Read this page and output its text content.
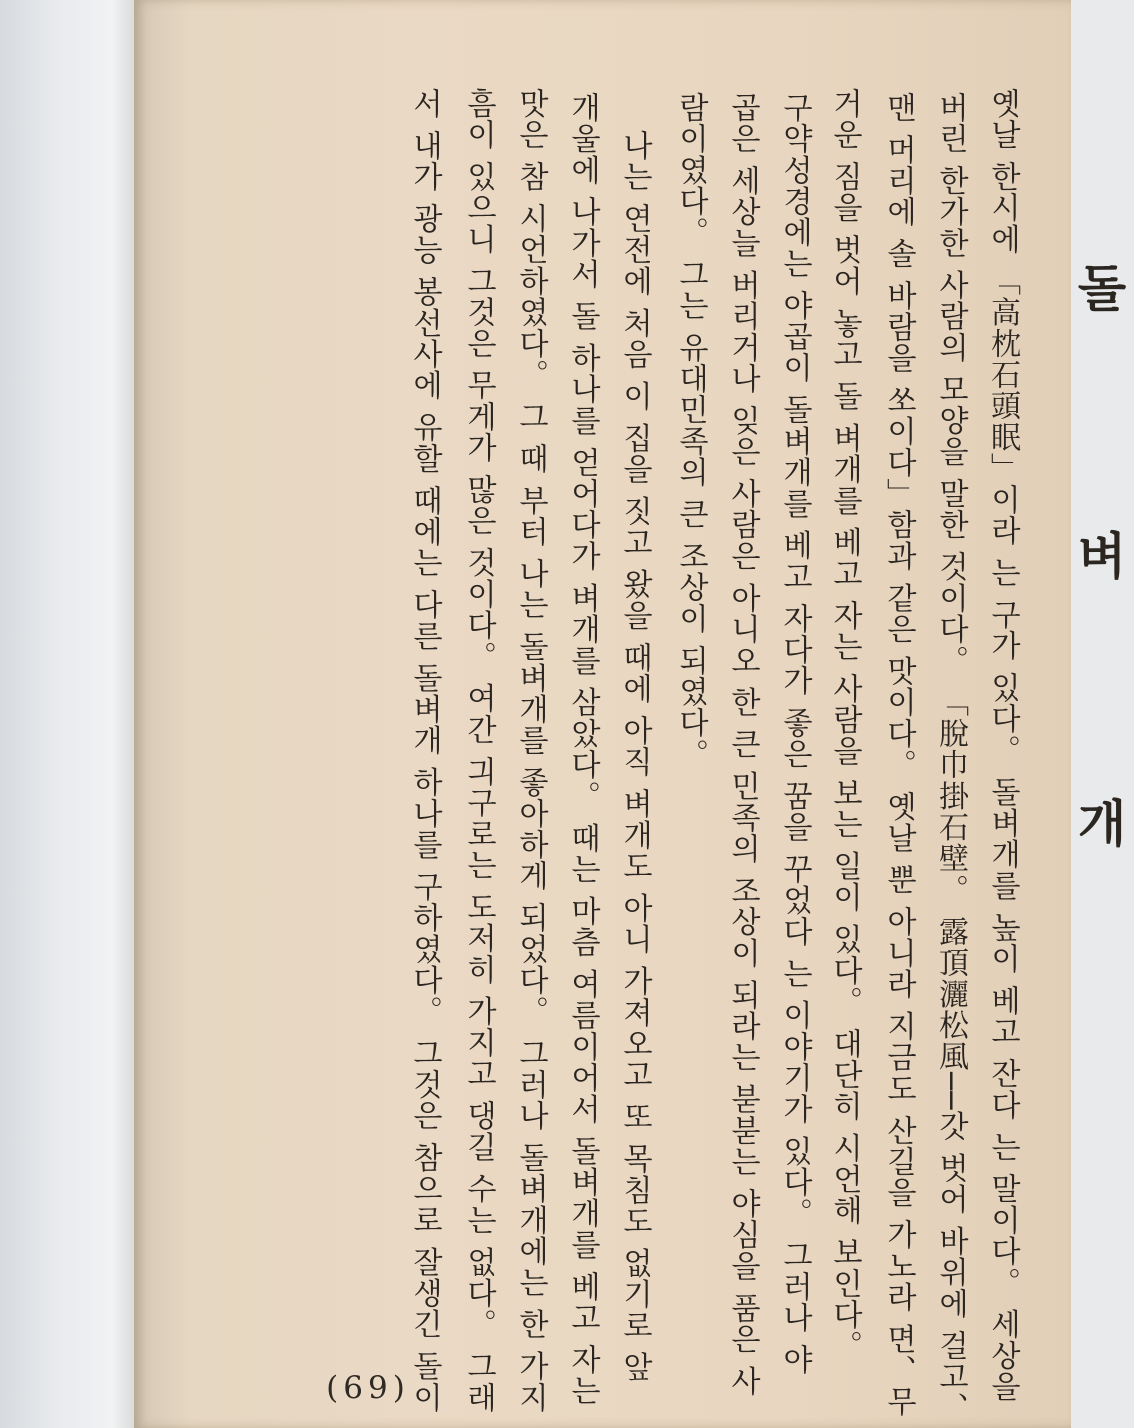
돌 벼 개
옛날 한시에 「高枕石頭眠」이라 는 구가 있다。 돌벼개를 높이 베고 잔다 는 말이다。 세상을
버린 한가한 사람의 모양을 말한 것이다。 「脫巾掛石壁。 露頂灑松風──갓 벗어 바위에 걸고、
맨 머리에 솔 바람을 쏘이다」함과 같은 맛이다。 옛날 뿐 아니라 지금도 산길을 가노라 면、무
거운 짐을 벗어 놓고 돌 벼개를 베고 자는 사람을 보는 일이 있다。 대단히 시언해 보인다。
구약성경에는 야곱이 돌벼개를 베고 자다가 좋은 꿈을 꾸었다 는 이야기가 있다。 그러나 야
곱은 세상늘 버리거나 잊은 사람은 아니오 한 큰 민족의 조상이 되라는 붇붇는 야심을 품은 사
람이였다。 그는 유대민족의 큰 조상이 되였다。
나는 연전에 처음 이 집을 짓고 왔을 때에 아직 벼개도 아니 가져오고 또 목침도 없기로 앞
개울에 나가서 돌 하나를 얻어다가 벼개를 삼았다。 때는 마츰 여름이어서 돌벼개를 베고 자는
맛은 참 시언하였다。 그 때 부터 나는 돌벼개를 좋아하게 되었다。 그러나 돌벼개에는 한 가지
흠이 있으니 그것은 무게가 많은 것이다。 여간 긔구로는 도저히 가지고 댕길 수는 없다。 그래
서 내가 광능 봉선사에 유할 때에는 다른 돌벼개 하나를 구하였다。 그것은 참으로 잘생긴 돌이
(69)
